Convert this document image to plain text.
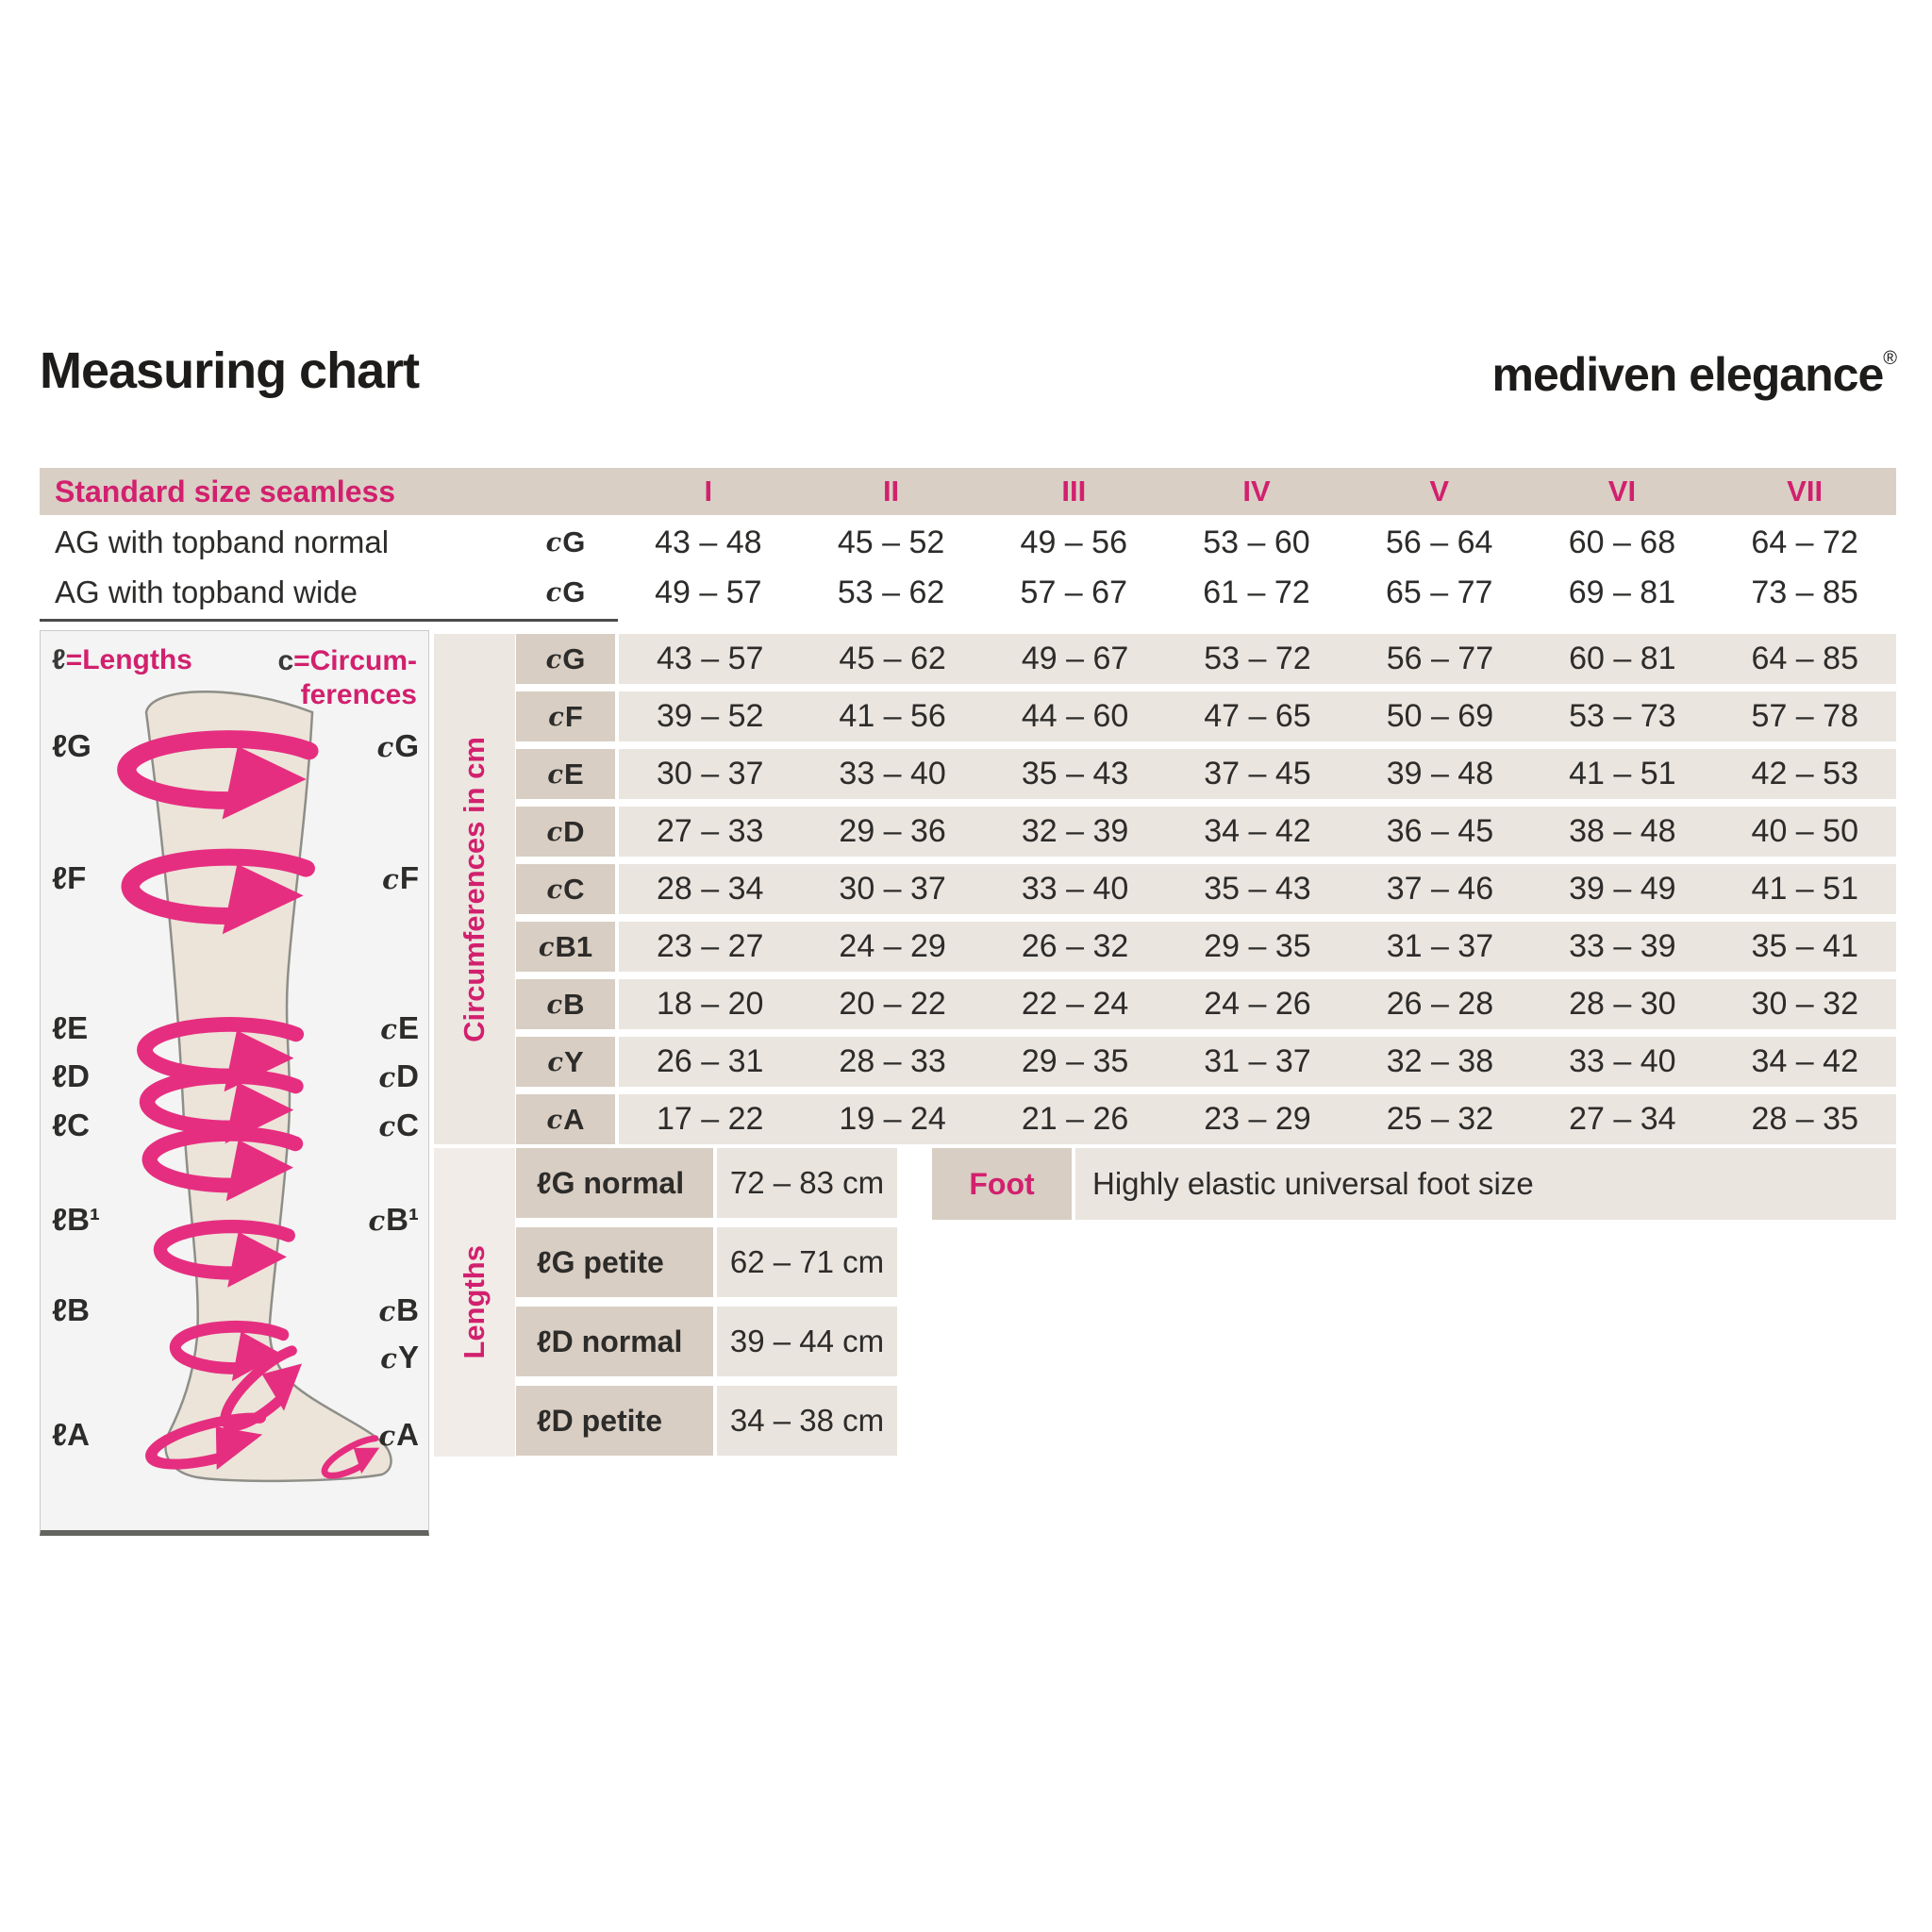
Measuring chart	mediven elegance®
Standard size seamless	I	II	III	IV	V	VI	VII
AG with topband normal	c G	43 – 48	45 – 52	49 – 56	53 – 60	56 – 64	60 – 68	64 – 72
AG with topband wide	c G	49 – 57	53 – 62	57 – 67	61 – 72	65 – 77	69 – 81	73 – 85
Circumferences in cm
c G	43 – 57	45 – 62	49 – 67	53 – 72	56 – 77	60 – 81	64 – 85
c F	39 – 52	41 – 56	44 – 60	47 – 65	50 – 69	53 – 73	57 – 78
c E	30 – 37	33 – 40	35 – 43	37 – 45	39 – 48	41 – 51	42 – 53
c D	27 – 33	29 – 36	32 – 39	34 – 42	36 – 45	38 – 48	40 – 50
c C	28 – 34	30 – 37	33 – 40	35 – 43	37 – 46	39 – 49	41 – 51
c B1	23 – 27	24 – 29	26 – 32	29 – 35	31 – 37	33 – 39	35 – 41
c B	18 – 20	20 – 22	22 – 24	24 – 26	26 – 28	28 – 30	30 – 32
c Y	26 – 31	28 – 33	29 – 35	31 – 37	32 – 38	33 – 40	34 – 42
c A	17 – 22	19 – 24	21 – 26	23 – 29	25 – 32	27 – 34	28 – 35
Lengths
ℓ G normal	72 – 83 cm
ℓ G petite	62 – 71 cm
ℓ D normal	39 – 44 cm
ℓ D petite	34 – 38 cm
Foot	Highly elastic universal foot size
ℓ=Lengths	c=Circum-
ferences
ℓG
ℓF
ℓE
ℓD
ℓC
ℓB¹
ℓB
ℓA
cG
cF
cE
cD
cC
cB¹
cB
cY
cA
